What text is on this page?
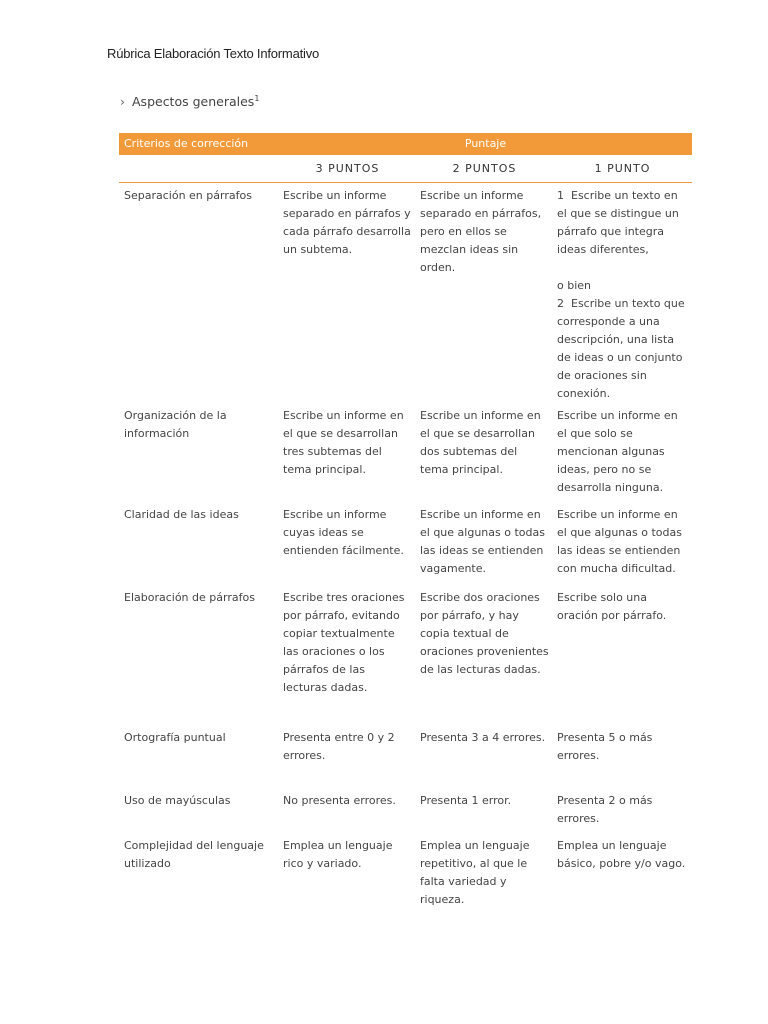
Rúbrica Elaboración Texto Informativo
› Aspectos generales$^1$
Criterios de corrección	Puntaje		
	3 PUNTOS	2 PUNTOS	1 PUNTO
Separación en párrafos	Escribe un informe separado en párrafos y cada párrafo desarrolla un subtema.	Escribe un informe separado en párrafos, pero en ellos se mezclan ideas sin orden.	1 Escribe un texto en el que se distingue un párrafo que integra ideas diferentes,

o bien

2 Escribe un texto que corresponde a una descripción, una lista de ideas o un conjunto de oraciones sin conexión.

Organización de la información	Escribe un informe en el que se desarrollan tres subtemas del tema principal.	Escribe un informe en el que se desarrollan dos subtemas del tema principal.	Escribe un informe en el que solo se mencionan algunas ideas, pero no se desarrolla ninguna.
Claridad de las ideas	Escribe un informe cuyas ideas se entienden fácilmente.	Escribe un informe en el que algunas o todas las ideas se entienden vagamente.	Escribe un informe en el que algunas o todas las ideas se entienden con mucha dificultad.
Elaboración de párrafos	Escribe tres oraciones por párrafo, evitando copiar textualmente las oraciones o los párrafos de las lecturas dadas.	Escribe dos oraciones por párrafo, y hay copia textual de oraciones provenientes de las lecturas dadas.	Escribe solo una oración por párrafo.
Ortografía puntual	Presenta entre 0 y 2 errores.	Presenta 3 a 4 errores.	Presenta 5 o más errores.
Uso de mayúsculas	No presenta errores.	Presenta 1 error.	Presenta 2 o más errores.
Complejidad del lenguaje utilizado	Emplea un lenguaje rico y variado.	Emplea un lenguaje repetitivo, al que le falta variedad y riqueza.	Emplea un lenguaje básico, pobre y/o vago.
